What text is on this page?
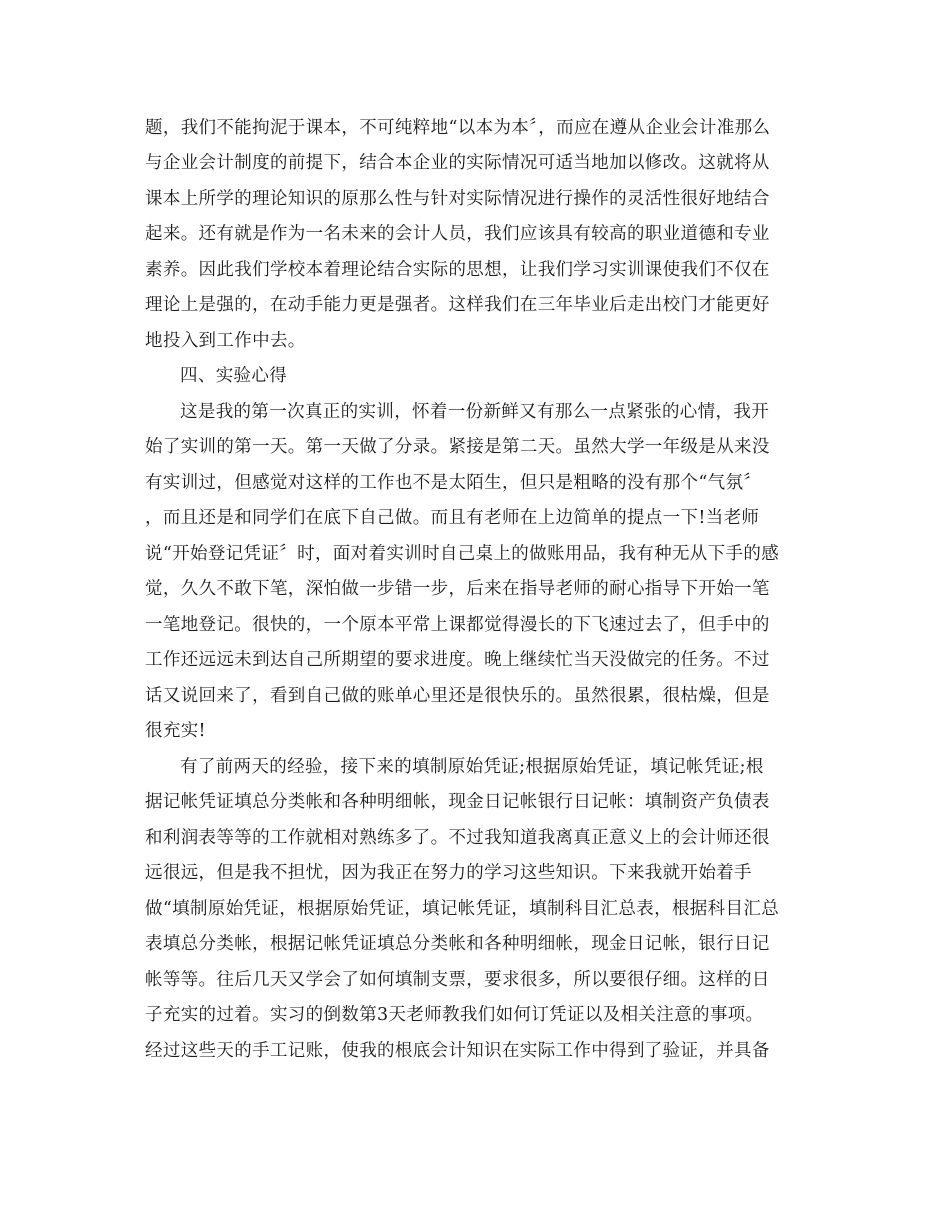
题，我们不能拘泥于课本，不可纯粹地“以本为本〞，而应在遵从企业会计准那么
与企业会计制度的前提下，结合本企业的实际情况可适当地加以修改。这就将从
课本上所学的理论知识的原那么性与针对实际情况进行操作的灵活性很好地结合
起来。还有就是作为一名未来的会计人员，我们应该具有较高的职业道德和专业
素养。因此我们学校本着理论结合实际的思想，让我们学习实训课使我们不仅在
理论上是强的，在动手能力更是强者。这样我们在三年毕业后走出校门才能更好
地投入到工作中去。
四、实验心得
这是我的第一次真正的实训，怀着一份新鲜又有那么一点紧张的心情，我开
始了实训的第一天。第一天做了分录。紧接是第二天。虽然大学一年级是从来没
有实训过，但感觉对这样的工作也不是太陌生，但只是粗略的没有那个“气氛〞
，而且还是和同学们在底下自己做。而且有老师在上边简单的提点一下!当老师
说“开始登记凭证〞时，面对着实训时自己桌上的做账用品，我有种无从下手的感
觉，久久不敢下笔，深怕做一步错一步，后来在指导老师的耐心指导下开始一笔
一笔地登记。很快的，一个原本平常上课都觉得漫长的下飞速过去了，但手中的
工作还远远未到达自己所期望的要求进度。晚上继续忙当天没做完的任务。不过
话又说回来了，看到自己做的账单心里还是很快乐的。虽然很累，很枯燥，但是
很充实!
有了前两天的经验，接下来的填制原始凭证;根据原始凭证，填记帐凭证;根
据记帐凭证填总分类帐和各种明细帐，现金日记帐银行日记帐：填制资产负债表
和利润表等等的工作就相对熟练多了。不过我知道我离真正意义上的会计师还很
远很远，但是我不担忧，因为我正在努力的学习这些知识。下来我就开始着手
做“填制原始凭证，根据原始凭证，填记帐凭证，填制科目汇总表，根据科目汇总
表填总分类帐，根据记帐凭证填总分类帐和各种明细帐，现金日记帐，银行日记
帐等等。往后几天又学会了如何填制支票，要求很多，所以要很仔细。这样的日
子充实的过着。实习的倒数第3天老师教我们如何订凭证以及相关注意的事项。
经过这些天的手工记账，使我的根底会计知识在实际工作中得到了验证，并具备
